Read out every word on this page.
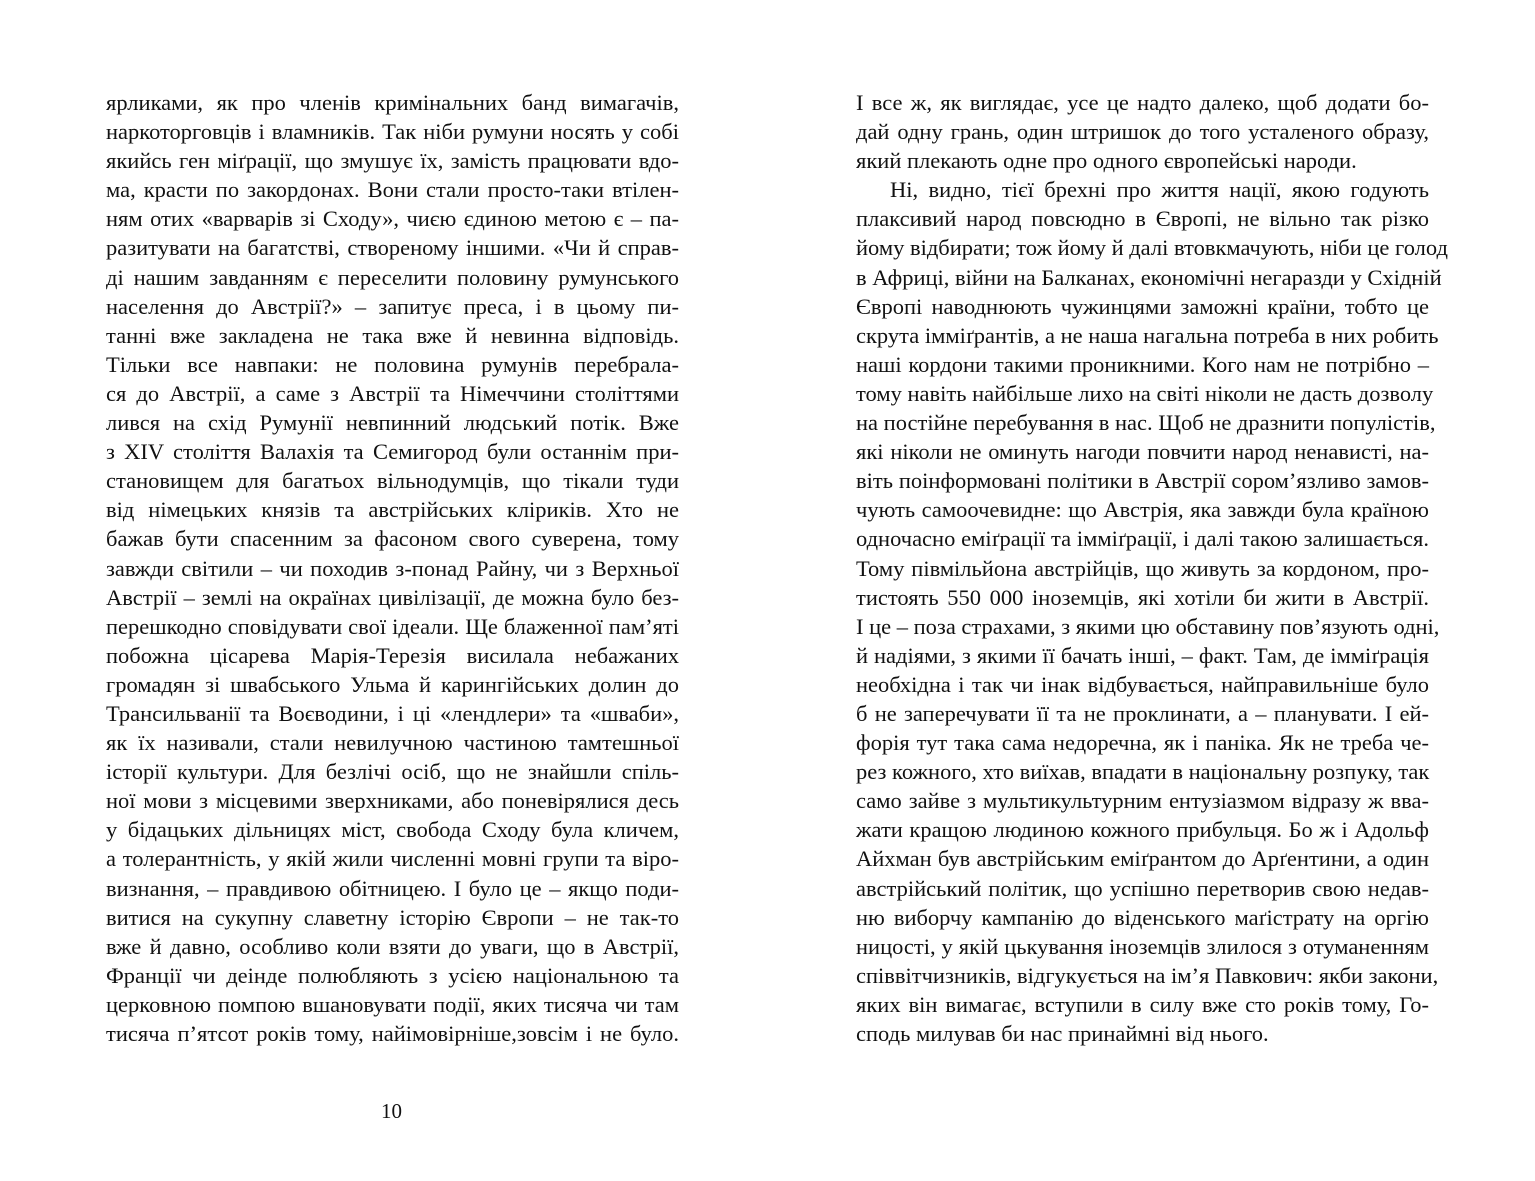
ярликами, як про членів кримінальних банд вимагачів,
наркоторговців і вламників. Так ніби румуни носять у собі
якийсь ген міґрації, що змушує їх, замість працювати вдо-
ма, красти по закордонах. Вони стали просто-таки втілен-
ням отих «варварів зі Сходу», чиєю єдиною метою є – па-
разитувати на багатстві, створеному іншими. «Чи й справ-
ді нашим завданням є переселити половину румунського
населення до Австрії?» – запитує преса, і в цьому пи-
танні вже закладена не така вже й невинна відповідь.
Тільки все навпаки: не половина румунів перебрала-
ся до Австрії, а саме з Австрії та Німеччини століттями
лився на схід Румунії невпинний людський потік. Вже
з XIV століття Валахія та Семигород були останнім при-
становищем для багатьох вільнодумців, що тікали туди
від німецьких князів та австрійських кліриків. Хто не
бажав бути спасенним за фасоном свого суверена, тому
завжди світили – чи походив з-понад Райну, чи з Верхньої
Австрії – землі на окраїнах цивілізації, де можна було без-
перешкодно сповідувати свої ідеали. Ще блаженної пам’яті
побожна цісарева Марія-Терезія висилала небажаних
громадян зі швабського Ульма й карингійських долин до
Трансильванії та Воєводини, і ці «лендлери» та «шваби»,
як їх називали, стали невилучною частиною тамтешньої
історії культури. Для безлічі осіб, що не знайшли спіль-
ної мови з місцевими зверхниками, або поневірялися десь
у бідацьких дільницях міст, свобода Сходу була кличем,
а толерантність, у якій жили численні мовні групи та віро-
визнання, – правдивою обітницею. І було це – якщо поди-
витися на сукупну славетну історію Європи – не так-то
вже й давно, особливо коли взяти до уваги, що в Австрії,
Франції чи деінде полюбляють з усією національною та
церковною помпою вшановувати події, яких тисяча чи там
тисяча п’ятсот років тому, найімовірніше,зовсім і не було.
10
І все ж, як виглядає, усе це надто далеко, щоб додати бо-
дай одну грань, один штришок до того усталеного образу,
який плекають одне про одного європейські народи.
Ні, видно, тієї брехні про життя нації, якою годують
плаксивий народ повсюдно в Європі, не вільно так різко
йому відбирати; тож йому й далі втовкмачують, ніби це голод
в Африці, війни на Балканах, економічні негаразди у Східній
Європі наводнюють чужинцями заможні країни, тобто це
скрута імміґрантів, а не наша нагальна потреба в них робить
наші кордони такими проникними. Кого нам не потрібно –
тому навіть найбільше лихо на світі ніколи не дасть дозволу
на постійне перебування в нас. Щоб не дразнити популістів,
які ніколи не оминуть нагоди повчити народ ненависті, на-
віть поінформовані політики в Австрії сором’язливо замов-
чують самоочевидне: що Австрія, яка завжди була країною
одночасно еміґрації та імміґрації, і далі такою залишається.
Тому півмільйона австрійців, що живуть за кордоном, про-
тистоять 550 000 іноземців, які хотіли би жити в Австрії.
І це – поза страхами, з якими цю обставину пов’язують одні,
й надіями, з якими її бачать інші, – факт. Там, де імміґрація
необхідна і так чи інак відбувається, найправильніше було
б не заперечувати її та не проклинати, а – планувати. І ей-
форія тут така сама недоречна, як і паніка. Як не треба че-
рез кожного, хто виїхав, впадати в національну розпуку, так
само зайве з мультикультурним ентузіазмом відразу ж вва-
жати кращою людиною кожного прибульця. Бо ж і Адольф
Айхман був австрійським еміґрантом до Арґентини, а один
австрійський політик, що успішно перетворив свою недав-
ню виборчу кампанію до віденського маґістрату на оргію
ницості, у якій цькування іноземців злилося з отуманенням
співвітчизників, відгукується на ім’я Павкович: якби закони,
яких він вимагає, вступили в силу вже сто років тому, Го-
сподь милував би нас принаймні від нього.
